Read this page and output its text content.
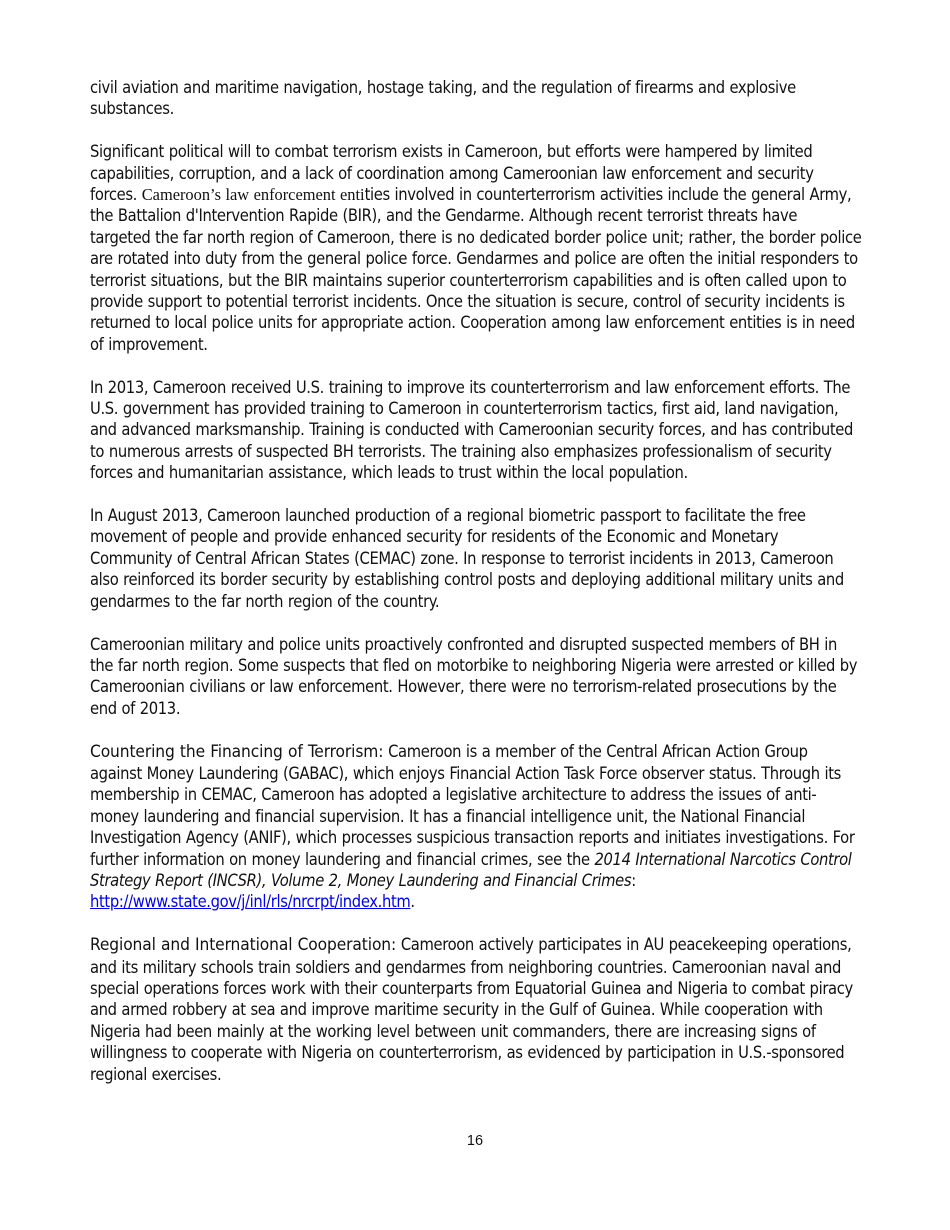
civil aviation and maritime navigation, hostage taking, and the regulation of firearms and explosive substances.

Significant political will to combat terrorism exists in Cameroon, but efforts were hampered by limited capabilities, corruption, and a lack of coordination among Cameroonian law enforcement and security forces. Cameroon’s law enforcement entities involved in counterterrorism activities include the general Army, the Battalion d'Intervention Rapide (BIR), and the Gendarme. Although recent terrorist threats have targeted the far north region of Cameroon, there is no dedicated border police unit; rather, the border police are rotated into duty from the general police force. Gendarmes and police are often the initial responders to terrorist situations, but the BIR maintains superior counterterrorism capabilities and is often called upon to provide support to potential terrorist incidents. Once the situation is secure, control of security incidents is returned to local police units for appropriate action. Cooperation among law enforcement entities is in need of improvement.

In 2013, Cameroon received U.S. training to improve its counterterrorism and law enforcement efforts. The U.S. government has provided training to Cameroon in counterterrorism tactics, first aid, land navigation, and advanced marksmanship. Training is conducted with Cameroonian security forces, and has contributed to numerous arrests of suspected BH terrorists. The training also emphasizes professionalism of security forces and humanitarian assistance, which leads to trust within the local population.

In August 2013, Cameroon launched production of a regional biometric passport to facilitate the free movement of people and provide enhanced security for residents of the Economic and Monetary Community of Central African States (CEMAC) zone. In response to terrorist incidents in 2013, Cameroon also reinforced its border security by establishing control posts and deploying additional military units and gendarmes to the far north region of the country.

Cameroonian military and police units proactively confronted and disrupted suspected members of BH in the far north region. Some suspects that fled on motorbike to neighboring Nigeria were arrested or killed by Cameroonian civilians or law enforcement. However, there were no terrorism-related prosecutions by the end of 2013.

Countering the Financing of Terrorism: Cameroon is a member of the Central African Action Group against Money Laundering (GABAC), which enjoys Financial Action Task Force observer status. Through its membership in CEMAC, Cameroon has adopted a legislative architecture to address the issues of anti-money laundering and financial supervision. It has a financial intelligence unit, the National Financial Investigation Agency (ANIF), which processes suspicious transaction reports and initiates investigations. For further information on money laundering and financial crimes, see the 2014 International Narcotics Control Strategy Report (INCSR), Volume 2, Money Laundering and Financial Crimes: http://www.state.gov/j/inl/rls/nrcrpt/index.htm.

Regional and International Cooperation: Cameroon actively participates in AU peacekeeping operations, and its military schools train soldiers and gendarmes from neighboring countries. Cameroonian naval and special operations forces work with their counterparts from Equatorial Guinea and Nigeria to combat piracy and armed robbery at sea and improve maritime security in the Gulf of Guinea. While cooperation with Nigeria had been mainly at the working level between unit commanders, there are increasing signs of willingness to cooperate with Nigeria on counterterrorism, as evidenced by participation in U.S.-sponsored regional exercises.

16
